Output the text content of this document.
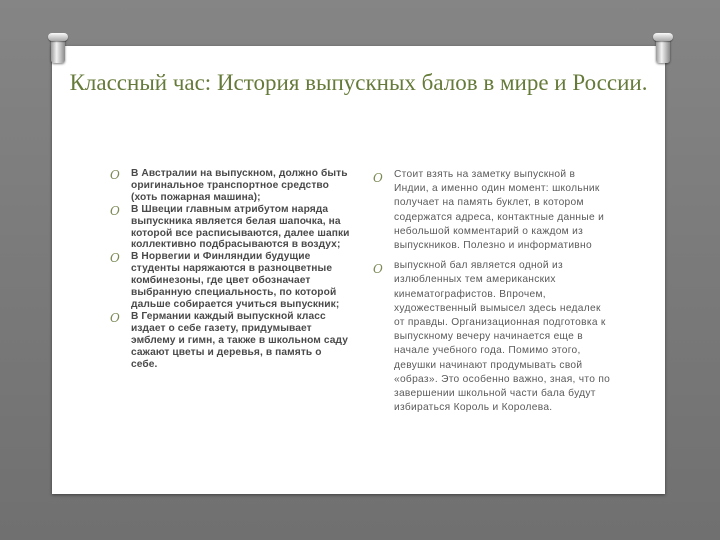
Классный час: История выпускных балов в мире и России.
O В Австралии на выпускном, должно быть оригинальное транспортное средство (хоть пожарная машина);
O В Швеции главным атрибутом наряда выпускника является белая шапочка, на которой все расписываются, далее шапки коллективно подбрасываются в воздух;
O В Норвегии и Финляндии будущие студенты наряжаются в разноцветные комбинезоны, где цвет обозначает выбранную специальность, по которой дальше собирается учиться выпускник;
O В Германии каждый выпускной класс издает о себе газету, придумывает эмблему и гимн, а также в школьном саду сажают цветы и деревья, в память о себе.
O Стоит взять на заметку выпускной в Индии, а именно один момент: школьник получает на память буклет, в котором содержатся адреса, контактные данные и небольшой комментарий о каждом из выпускников. Полезно и информативно
O выпускной бал является одной из излюбленных тем американских кинематографистов. Впрочем, художественный вымысел здесь недалек от правды. Организационная подготовка к выпускному вечеру начинается еще в начале учебного года. Помимо этого, девушки начинают продумывать свой «образ». Это особенно важно, зная, что по завершении школьной части бала будут избираться Король и Королева.
